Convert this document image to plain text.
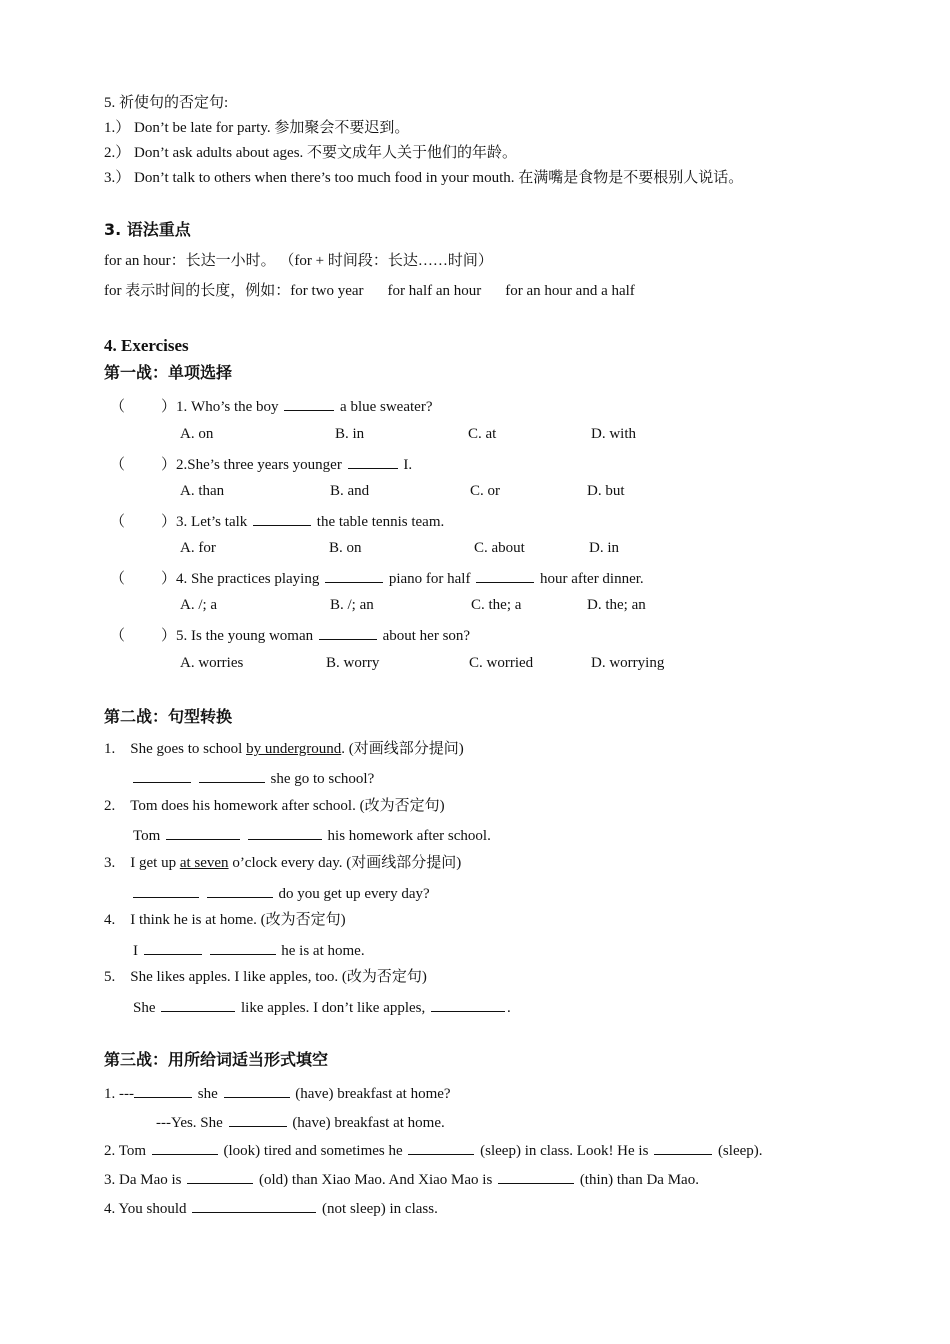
5. 祈使句的否定句:
1.） Don’t be late for party. 参加聚会不要迟到。
2.） Don’t ask adults about ages. 不要文成年人关于他们的年龄。
3.） Don’t talk to others when there’s too much food in your mouth. 在满嘴是食物是不要根别人说话。
3. 语法重点
for an hour：长达一小时。 （for + 时间段：长达……时间）
for 表示时间的长度，例如：for two year for half an hour for an hour and a half
4. Exercises
第一战：单项选择
（ ）1. Who’s the boy	a blue sweater?
A. on	B. in	C. at	D. with
（ ）2.She’s three years younger	I.
A. than	B. and	C. or	D. but
（ ）3. Let’s talk	the table tennis team.
A. for	B. on	C. about	D. in
（ ）4. She practices playing	piano for half	hour after dinner.
A. /; a	B. /; an	C. the; a	D. the; an
（ ）5. Is the young woman	about her son?
A. worries	B. worry	C. worried	D. worrying
第二战：句型转换
1. She goes to school by underground. (对画线部分提问)
she go to school?
2. Tom does his homework after school. (改为否定句)
Tom	his homework after school.
3. I get up at seven o’clock every day. (对画线部分提问)
do you get up every day?
4. I think he is at home. (改为否定句)
I	he is at home.
5. She likes apples. I like apples, too. (改为否定句)
She	like apples. I don’t like apples,	.
第三战：用所给词适当形式填空
1. ---	she	(have) breakfast at home?
---Yes. She	(have) breakfast at home.
2. Tom	(look) tired and sometimes he	(sleep) in class. Look! He is	(sleep).
3. Da Mao is	(old) than Xiao Mao. And Xiao Mao is	(thin) than Da Mao.
4. You should	(not sleep) in class.
